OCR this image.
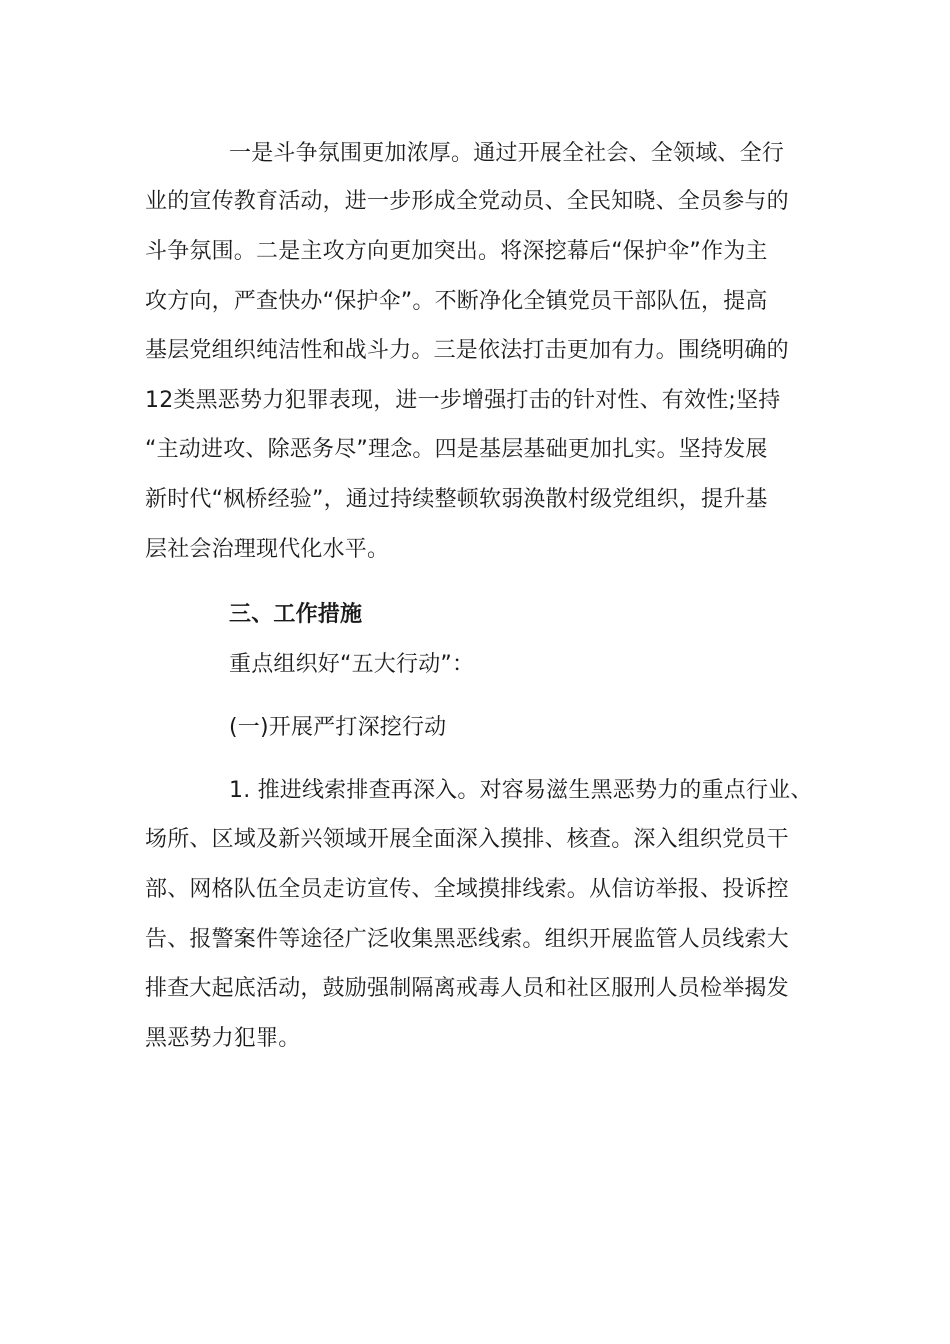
一是斗争氛围更加浓厚。通过开展全社会、全领域、全行
业的宣传教育活动，进一步形成全党动员、全民知晓、全员参与的
斗争氛围。二是主攻方向更加突出。将深挖幕后“保护伞”作为主
攻方向，严查快办“保护伞”。不断净化全镇党员干部队伍，提高
基层党组织纯洁性和战斗力。三是依法打击更加有力。围绕明确的
12类黑恶势力犯罪表现，进一步增强打击的针对性、有效性;坚持
“主动进攻、除恶务尽”理念。四是基层基础更加扎实。坚持发展
新时代“枫桥经验”，通过持续整顿软弱涣散村级党组织，提升基
层社会治理现代化水平。
三、工作措施
重点组织好“五大行动”：
(一)开展严打深挖行动
1. 推进线索排查再深入。对容易滋生黑恶势力的重点行业、
场所、区域及新兴领域开展全面深入摸排、核查。深入组织党员干
部、网格队伍全员走访宣传、全域摸排线索。从信访举报、投诉控
告、报警案件等途径广泛收集黑恶线索。组织开展监管人员线索大
排查大起底活动，鼓励强制隔离戒毒人员和社区服刑人员检举揭发
黑恶势力犯罪。
